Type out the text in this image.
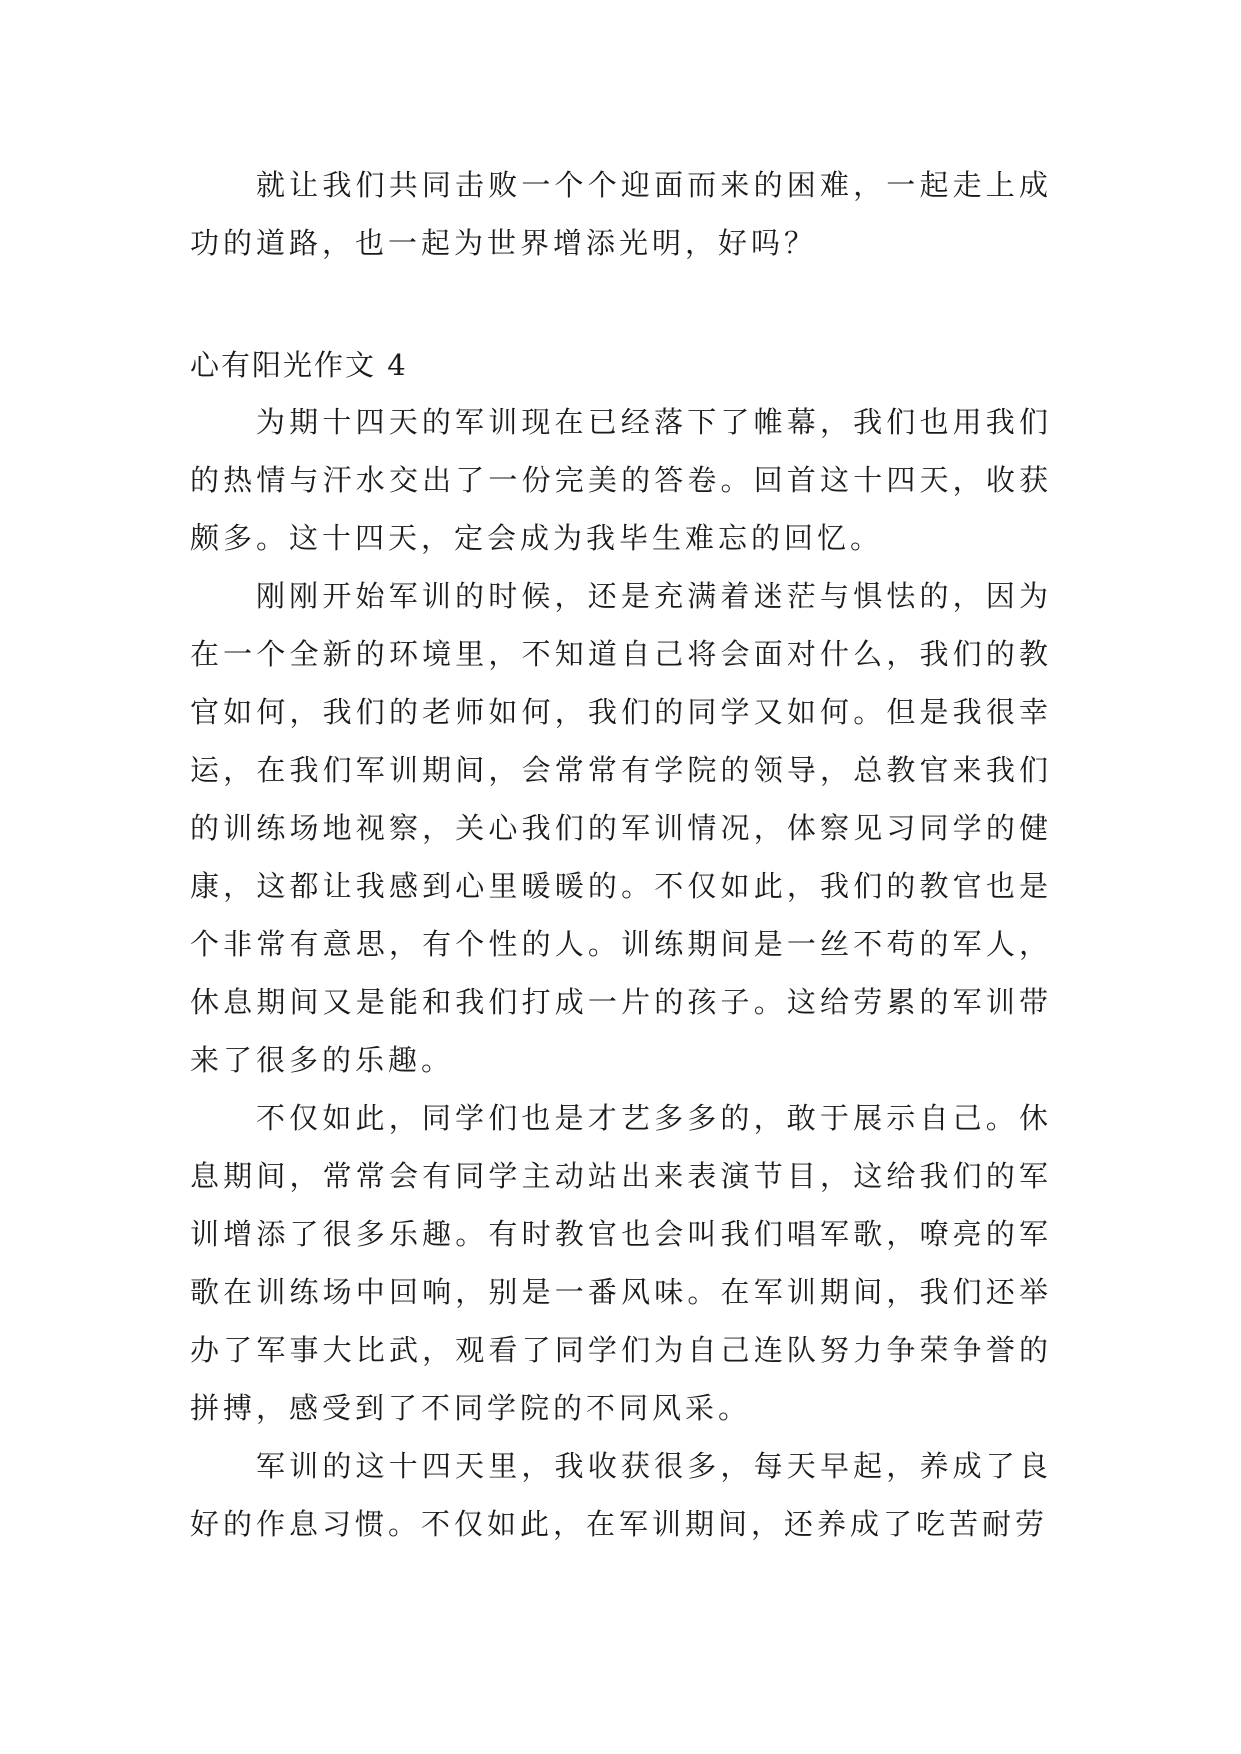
就让我们共同击败一个个迎面而来的困难，一起走上成功的道路，也一起为世界增添光明，好吗？

心有阳光作文 4

为期十四天的军训现在已经落下了帷幕，我们也用我们的热情与汗水交出了一份完美的答卷。回首这十四天，收获颇多。这十四天，定会成为我毕生难忘的回忆。

刚刚开始军训的时候，还是充满着迷茫与惧怯的，因为在一个全新的环境里，不知道自己将会面对什么，我们的教官如何，我们的老师如何，我们的同学又如何。但是我很幸运，在我们军训期间，会常常有学院的领导，总教官来我们的训练场地视察，关心我们的军训情况，体察见习同学的健康，这都让我感到心里暖暖的。不仅如此，我们的教官也是个非常有意思，有个性的人。训练期间是一丝不苟的军人，休息期间又是能和我们打成一片的孩子。这给劳累的军训带来了很多的乐趣。

不仅如此，同学们也是才艺多多的，敢于展示自己。休息期间，常常会有同学主动站出来表演节目，这给我们的军训增添了很多乐趣。有时教官也会叫我们唱军歌，嘹亮的军歌在训练场中回响，别是一番风味。在军训期间，我们还举办了军事大比武，观看了同学们为自己连队努力争荣争誉的拼搏，感受到了不同学院的不同风采。

军训的这十四天里，我收获很多，每天早起，养成了良好的作息习惯。不仅如此，在军训期间，还养成了吃苦耐劳
